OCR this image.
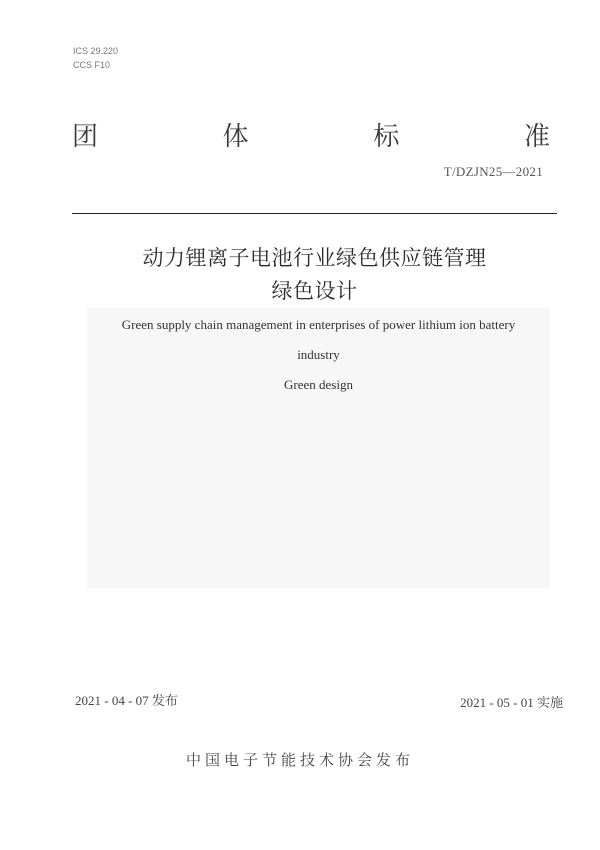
ICS 29.220
CCS F10
团	体	标	准
T/DZJN25—2021
动力锂离子电池行业绿色供应链管理
绿色设计
Green supply chain management in enterprises of power lithium ion battery
industry
Green design
2021 - 04 - 07 发布	2021 - 05 - 01 实施
中国电子节能技术协会发布
